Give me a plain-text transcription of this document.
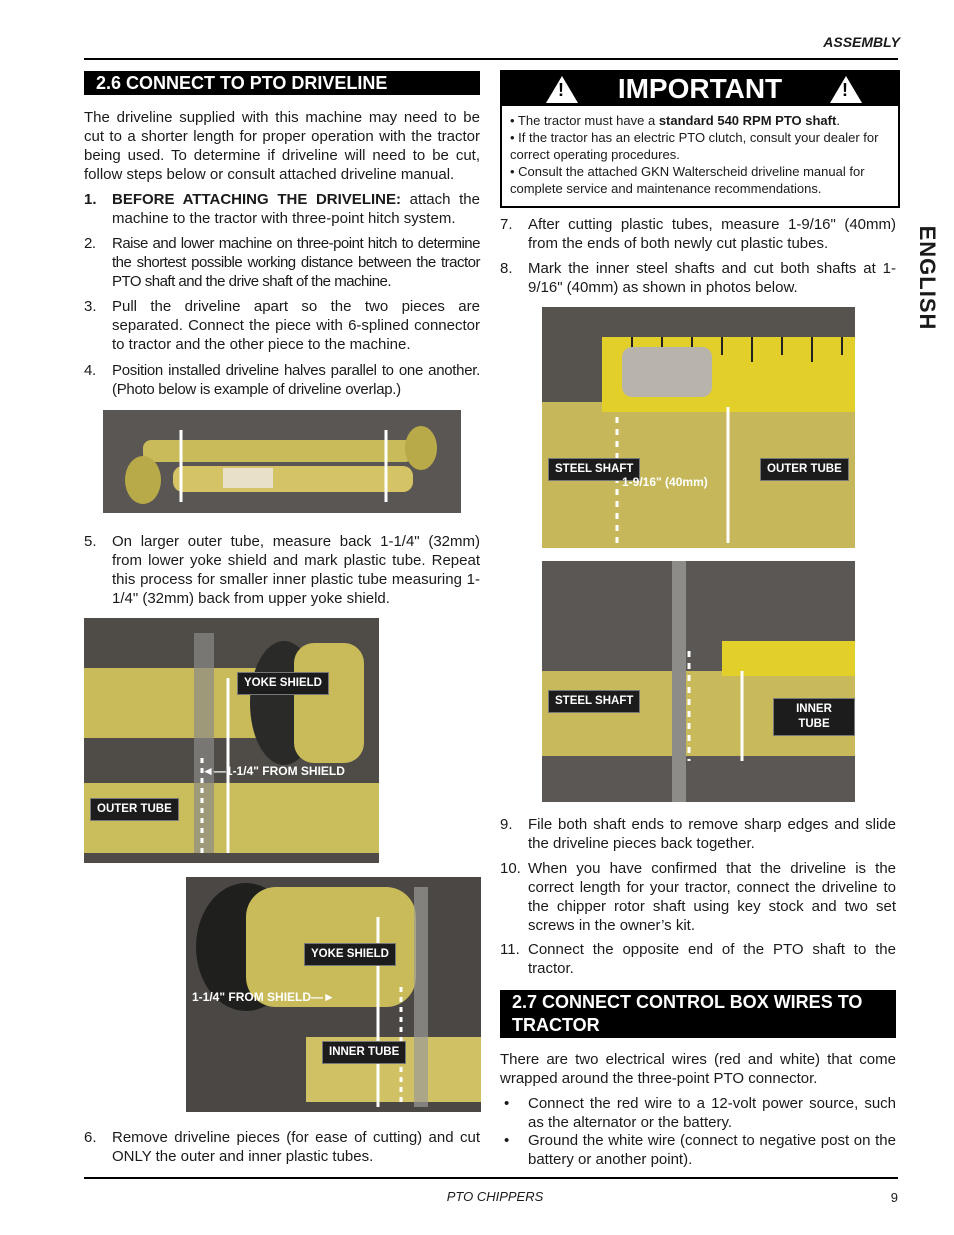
ASSEMBLY
ENGLISH
2.6 CONNECT TO PTO DRIVELINE
The driveline supplied with this machine may need to be cut to a shorter length for proper operation with the tractor being used. To determine if driveline will need to be cut, follow steps below or consult attached driveline manual.
1. BEFORE ATTACHING THE DRIVELINE: attach the machine to the tractor with three-point hitch system.
2. Raise and lower machine on three-point hitch to determine the shortest possible working distance between the tractor PTO shaft and the drive shaft of the machine.
3. Pull the driveline apart so the two pieces are separated. Connect the piece with 6-splined connector to tractor and the other piece to the machine.
4. Position installed driveline halves parallel to one another. (Photo below is example of driveline overlap.)
5. On larger outer tube, measure back 1-1/4" (32mm) from lower yoke shield and mark plastic tube. Repeat this process for smaller inner plastic tube measuring 1-1/4" (32mm) back from upper yoke shield.
YOKE SHIELD
◄—1-1/4" FROM SHIELD
OUTER TUBE
YOKE SHIELD
1-1/4" FROM SHIELD—►
INNER TUBE
6. Remove driveline pieces (for ease of cutting) and cut ONLY the outer and inner plastic tubes.
! IMPORTANT	!
• The tractor must have a standard 540 RPM PTO shaft.
• If the tractor has an electric PTO clutch, consult your dealer for correct operating procedures.
• Consult the attached GKN Walterscheid driveline manual for complete service and maintenance recommendations.
7. After cutting plastic tubes, measure 1-9/16" (40mm) from the ends of both newly cut plastic tubes.
8. Mark the inner steel shafts and cut both shafts at 1-9/16" (40mm) as shown in photos below.
STEEL SHAFT
1-9/16" (40mm)
OUTER TUBE
STEEL SHAFT
INNER TUBE
9. File both shaft ends to remove sharp edges and slide the driveline pieces back together.
10. When you have confirmed that the driveline is the correct length for your tractor, connect the driveline to the chipper rotor shaft using key stock and two set screws in the owner’s kit.
11. Connect the opposite end of the PTO shaft to the tractor.
2.7 CONNECT CONTROL BOX WIRES TO TRACTOR
There are two electrical wires (red and white) that come wrapped around the three-point PTO connector.
• Connect the red wire to a 12-volt power source, such as the alternator or the battery.
• Ground the white wire (connect to negative post on the battery or another point).
PTO CHIPPERS	9
